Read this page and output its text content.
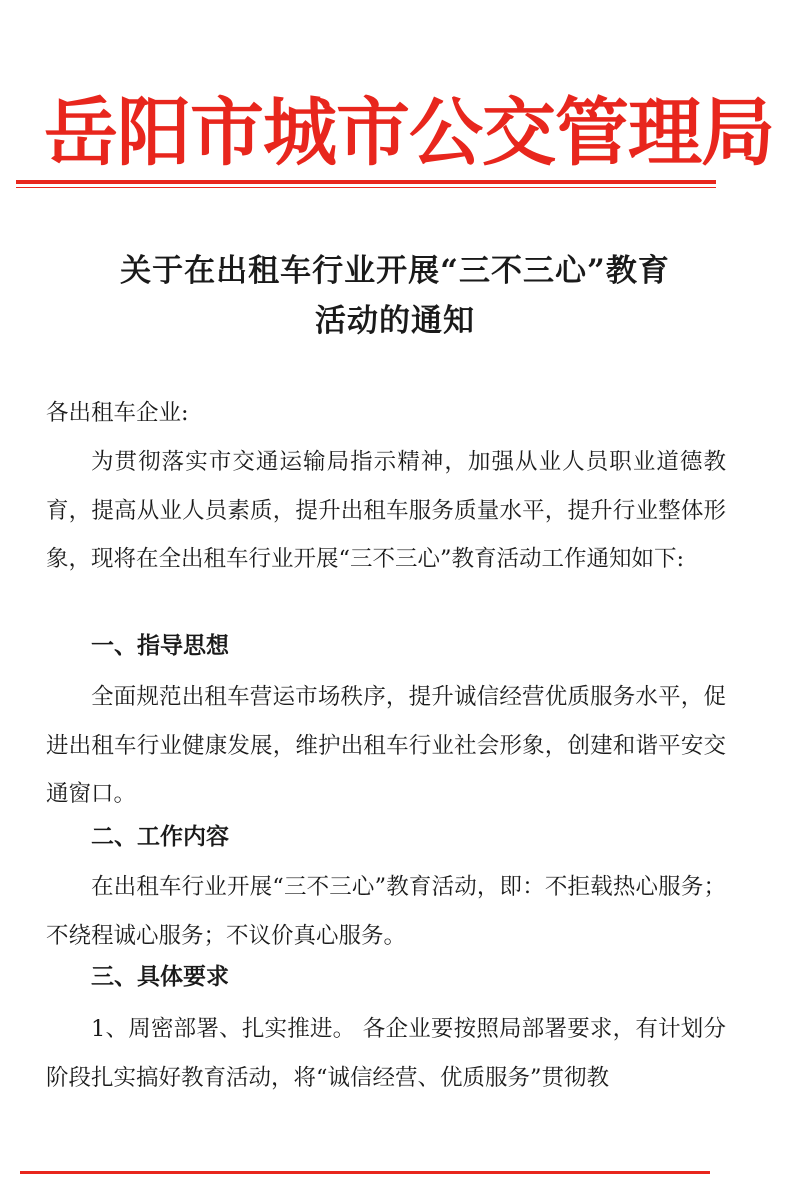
岳阳市城市公交管理局
关于在出租车行业开展“三不三心”教育
活动的通知

各出租车企业:

为贯彻落实市交通运输局指示精神，加强从业人员职业道德教育，提高从业人员素质，提升出租车服务质量水平，提升行业整体形象，现将在全出租车行业开展“三不三心”教育活动工作通知如下:

一、指导思想

全面规范出租车营运市场秩序，提升诚信经营优质服务水平，促进出租车行业健康发展，维护出租车行业社会形象，创建和谐平安交通窗口。

二、工作内容

在出租车行业开展“三不三心”教育活动，即：不拒载热心服务；不绕程诚心服务；不议价真心服务。

三、具体要求

1、周密部署、扎实推进。 各企业要按照局部署要求，有计划分阶段扎实搞好教育活动，将“诚信经营、优质服务”贯彻教
